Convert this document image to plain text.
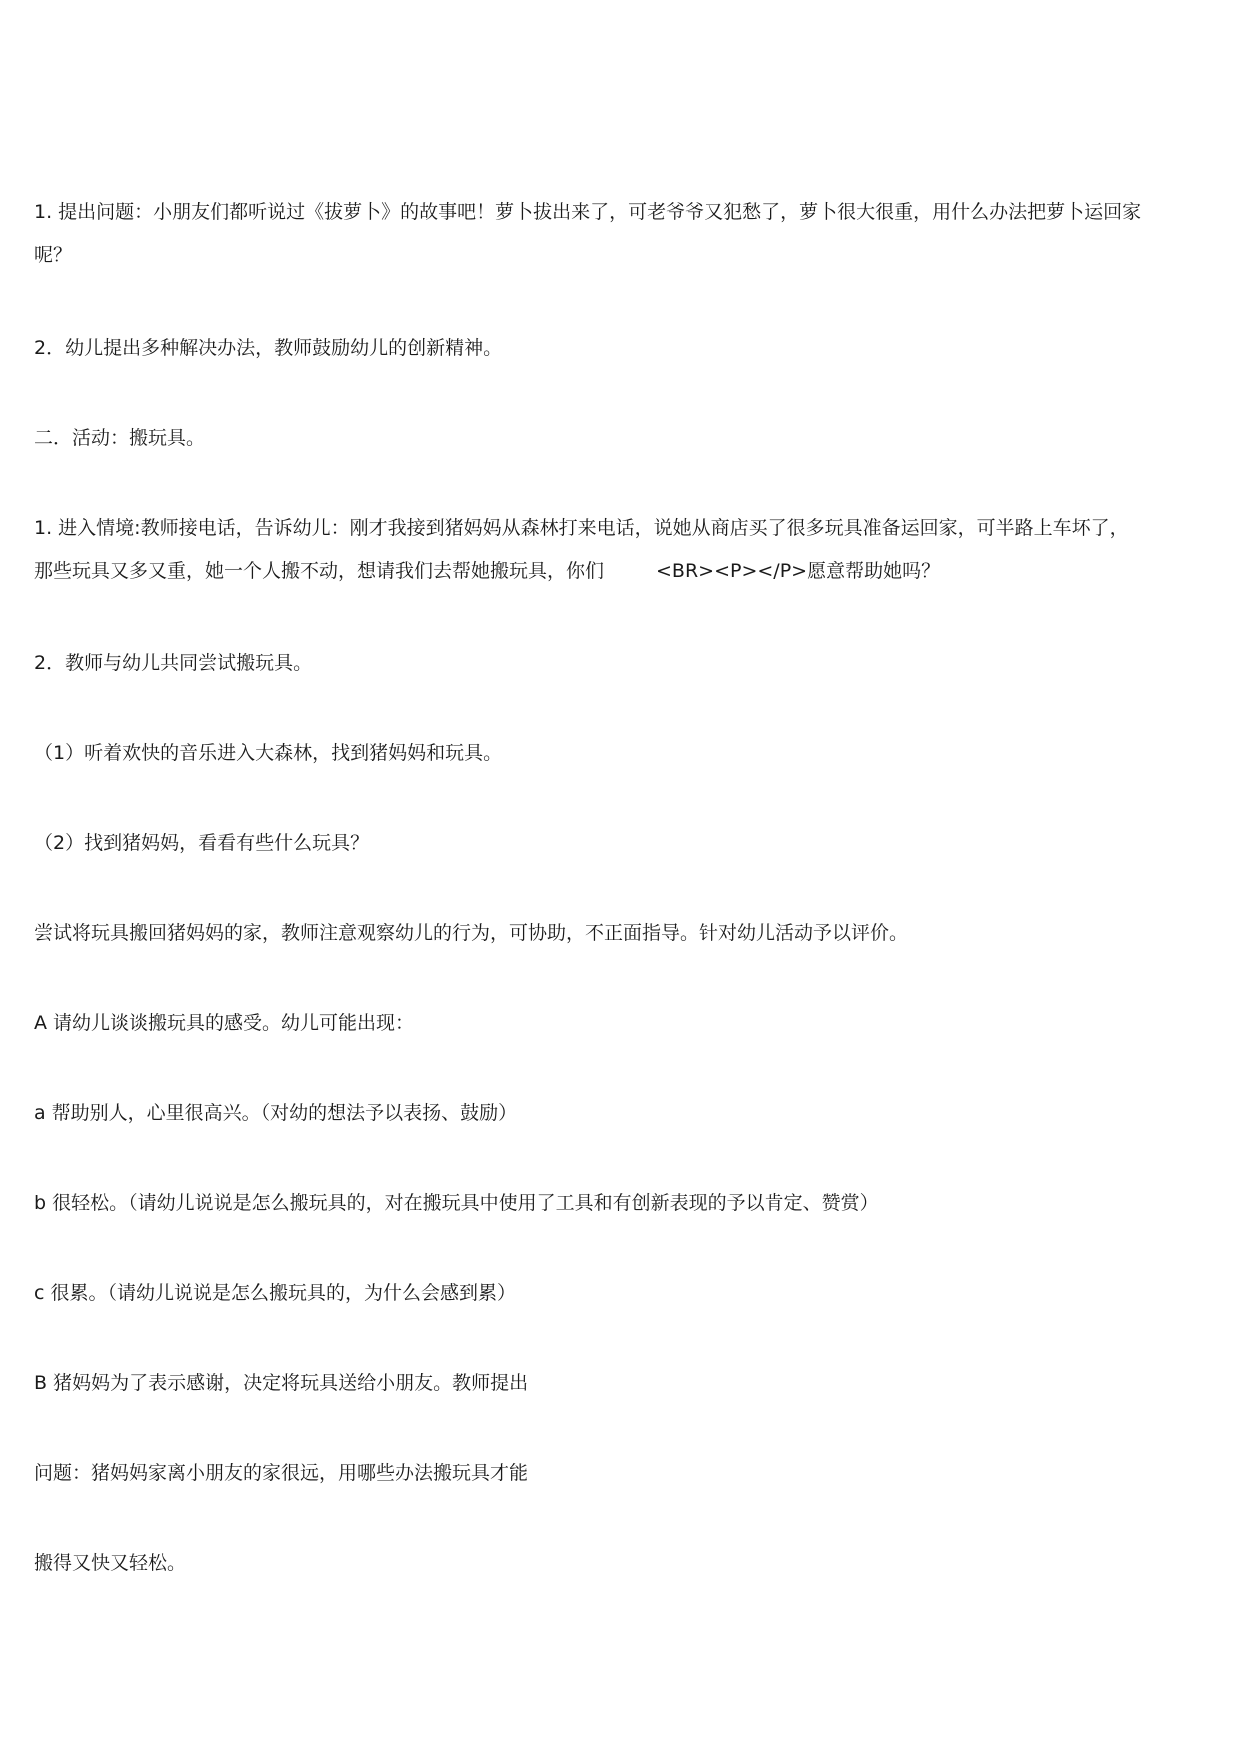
1. 提出问题：小朋友们都听说过《拔萝卜》的故事吧！萝卜拔出来了，可老爷爷又犯愁了，萝卜很大很重，用什么办法把萝卜运回家
呢？
2．幼儿提出多种解决办法，教师鼓励幼儿的创新精神。
二．活动：搬玩具。
1. 进入情境:教师接电话，告诉幼儿：刚才我接到猪妈妈从森林打来电话，说她从商店买了很多玩具准备运回家，可半路上车坏了，
那些玩具又多又重，她一个人搬不动，想请我们去帮她搬玩具，你们	<BR><P></P>愿意帮助她吗？
2．教师与幼儿共同尝试搬玩具。
（1）听着欢快的音乐进入大森林，找到猪妈妈和玩具。
（2）找到猪妈妈，看看有些什么玩具？
尝试将玩具搬回猪妈妈的家，教师注意观察幼儿的行为，可协助，不正面指导。针对幼儿活动予以评价。
A 请幼儿谈谈搬玩具的感受。幼儿可能出现：
a 帮助别人，心里很高兴。（对幼的想法予以表扬、鼓励）
b 很轻松。（请幼儿说说是怎么搬玩具的，对在搬玩具中使用了工具和有创新表现的予以肯定、赞赏）
c 很累。（请幼儿说说是怎么搬玩具的，为什么会感到累）
B 猪妈妈为了表示感谢，决定将玩具送给小朋友。教师提出
问题：猪妈妈家离小朋友的家很远，用哪些办法搬玩具才能
搬得又快又轻松。
